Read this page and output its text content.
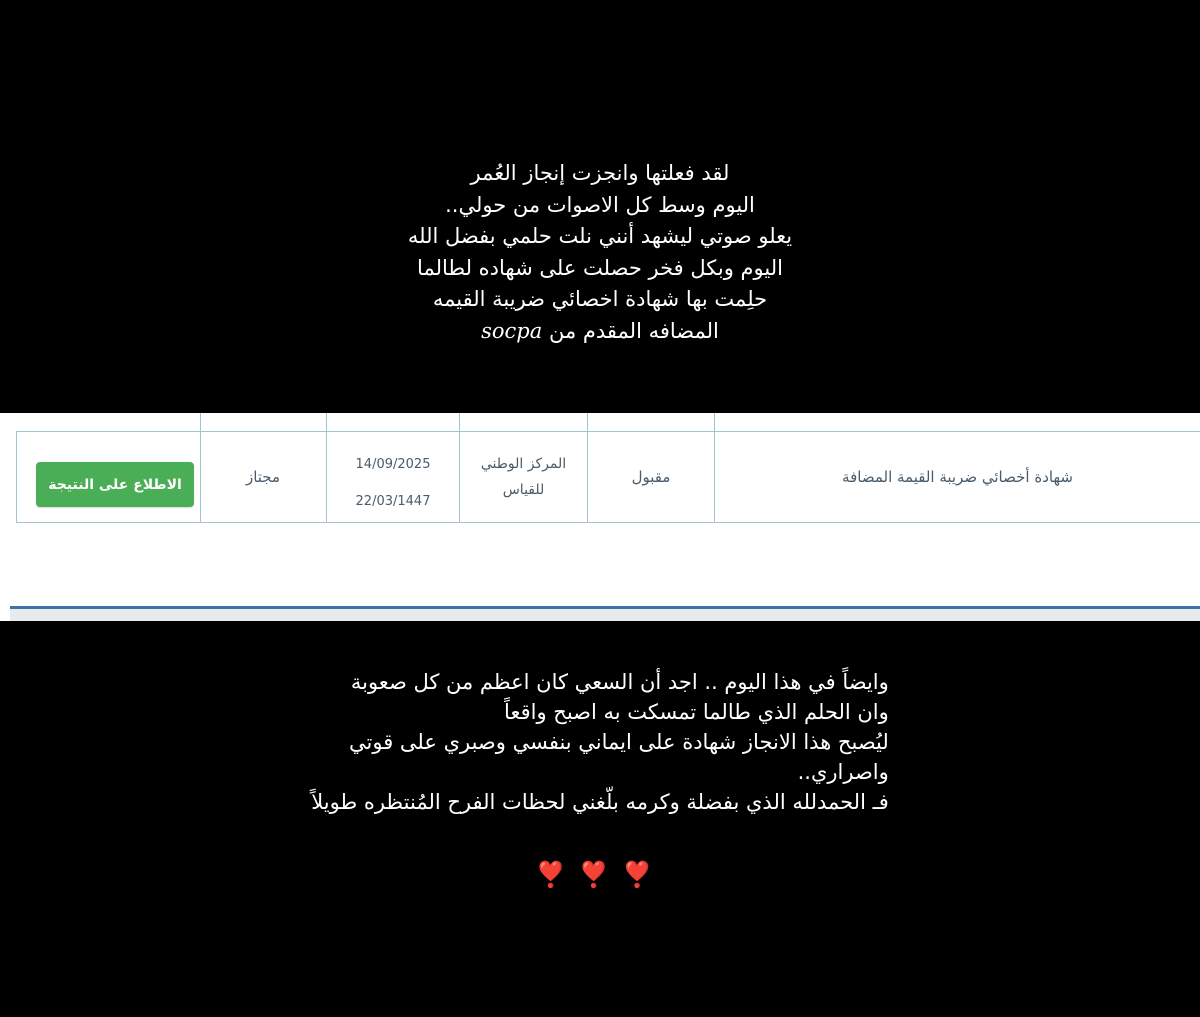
لقد فعلتها وانجزت إنجاز العُمر
اليوم وسط كل الاصوات من حولي..
يعلو صوتي ليشهد أنني نلت حلمي بفضل الله
اليوم وبكل فخر حصلت على شهاده لطالما
حلِمت بها شهادة اخصائي ضريبة القيمه
المضافه المقدم من socpa
شهادة أخصائي ضريبة القيمة المضافة
مقبول
المركز الوطني
للقياس
14/09/2025
22/03/1447
مجتاز
الاطلاع على النتيجة
وايضاً في هذا اليوم .. اجد أن السعي كان اعظم من كل صعوبة
وان الحلم الذي طالما تمسكت به اصبح واقعاً
ليُصبح هذا الانجاز شهادة على ايماني بنفسي وصبري على قوتي
واصراري..
فـ الحمدلله الذي بفضلة وكرمه بلّغني لحظات الفرح المُنتظره طويلاً
❣️❣️❣️
